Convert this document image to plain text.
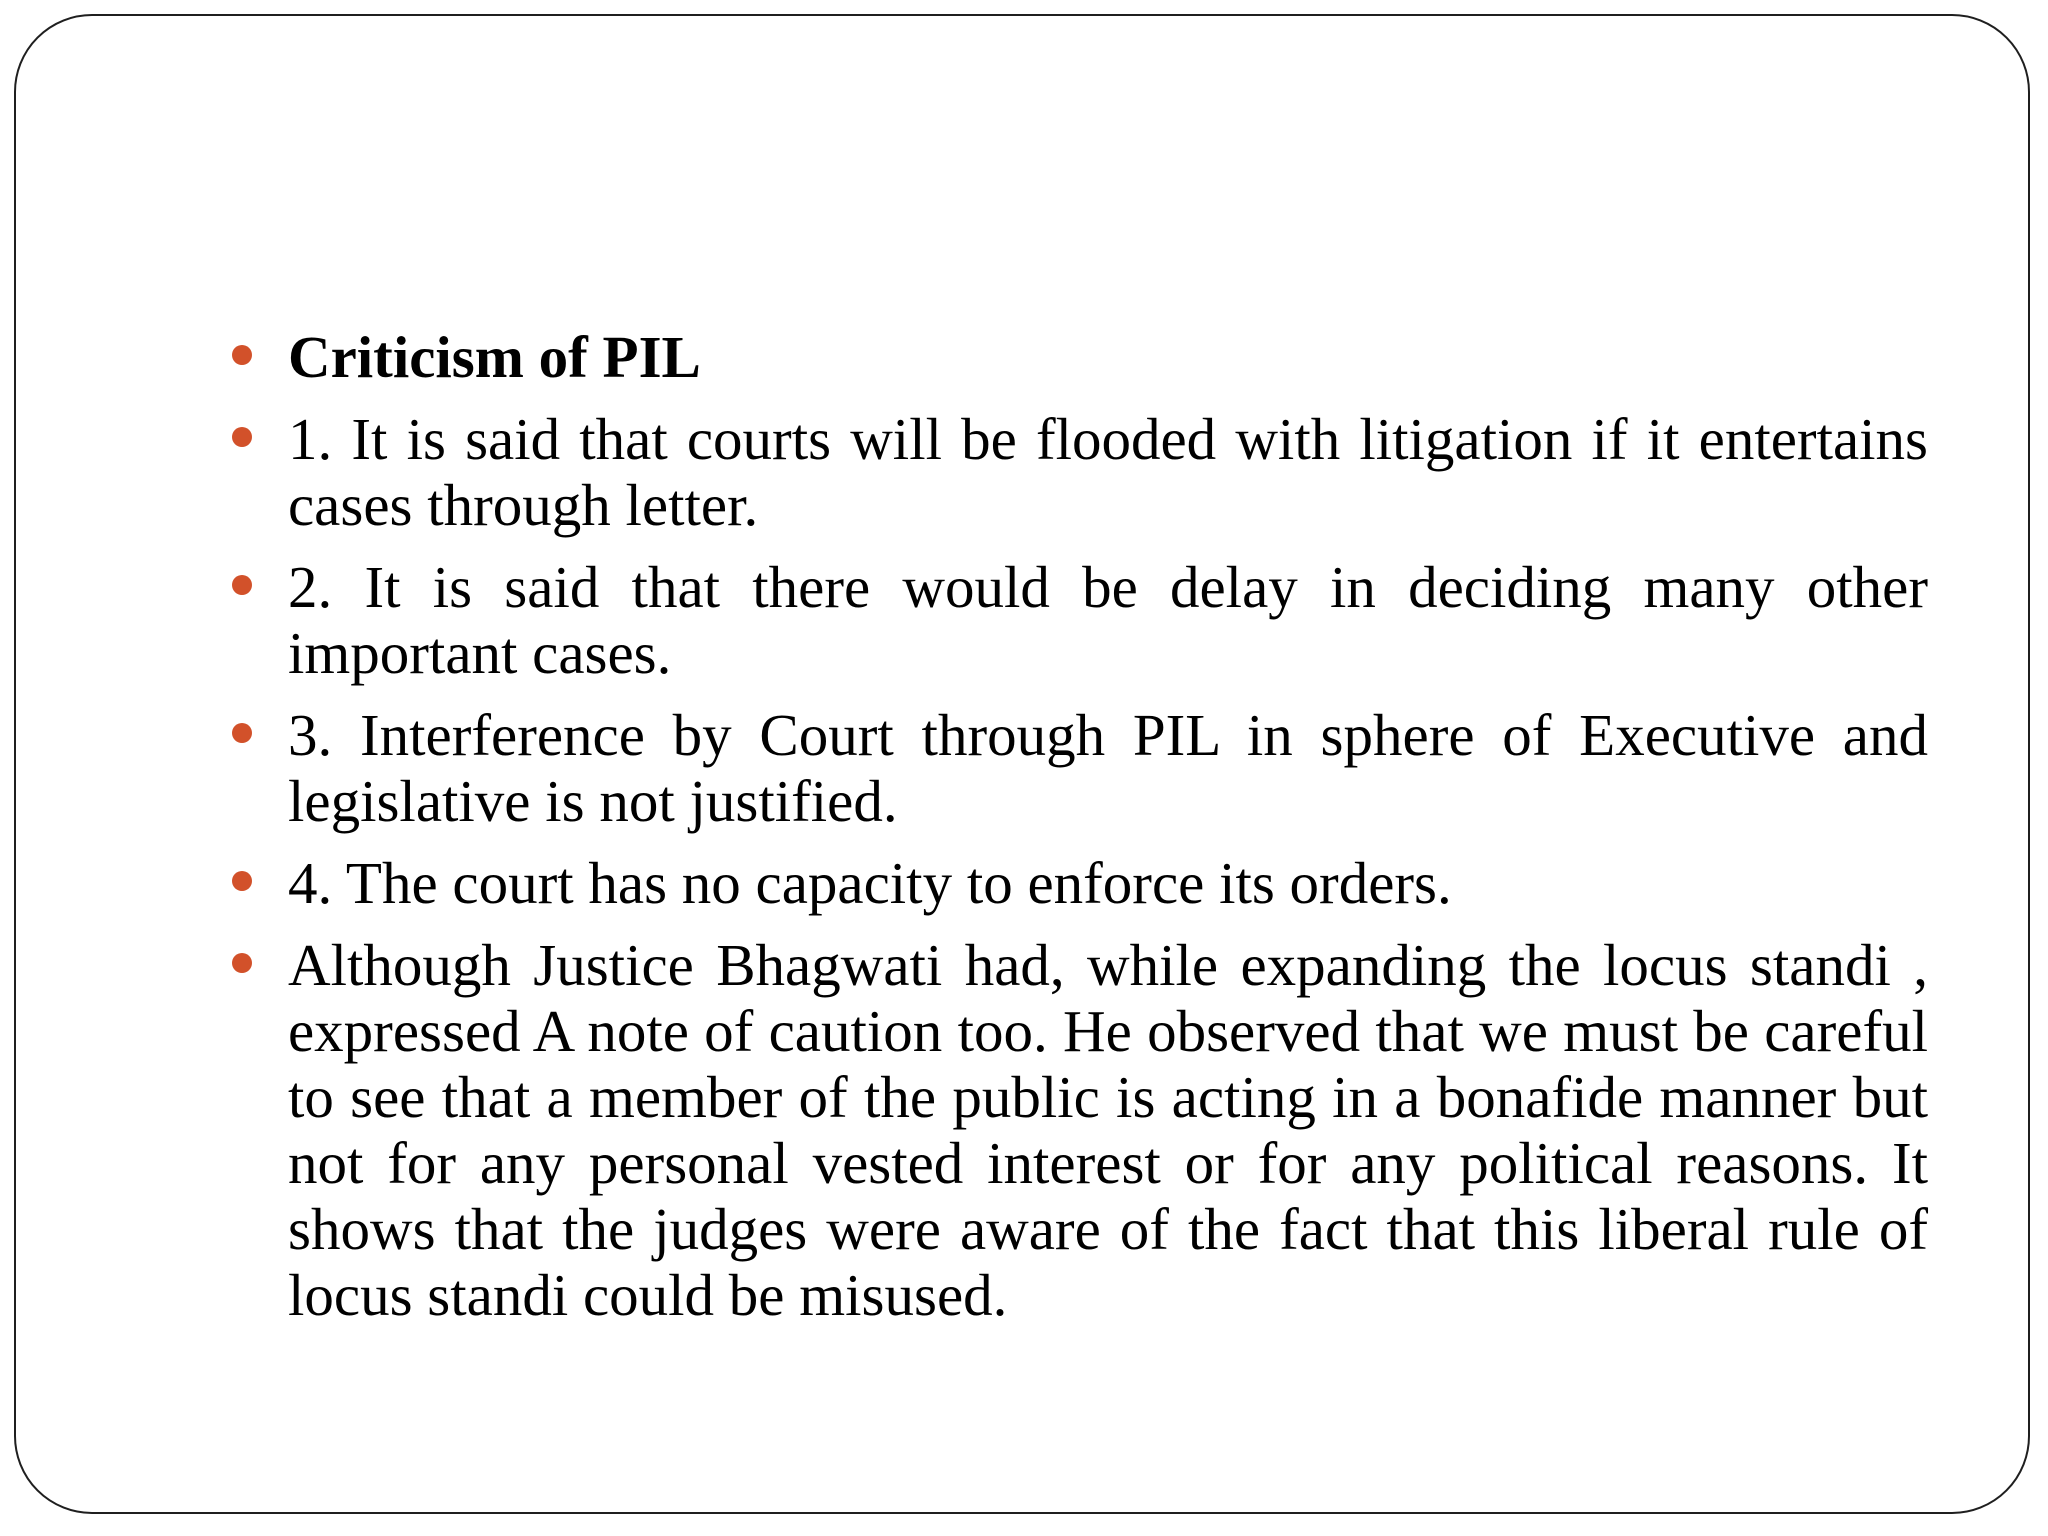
Criticism of PIL
1. It is said that courts will be flooded with litigation if it entertains cases through letter.
2. It is said that there would be delay in deciding many other important cases.
3. Interference by Court through PIL in sphere of Executive and legislative is not justified.
4. The court has no capacity to enforce its orders.
Although Justice Bhagwati had, while expanding the locus standi , expressed A note of caution too. He observed that we must be careful to see that a member of the public is acting in a bonafide manner but not for any personal vested interest or for any political reasons. It shows that the judges were aware of the fact that this liberal rule of locus standi could be misused.
